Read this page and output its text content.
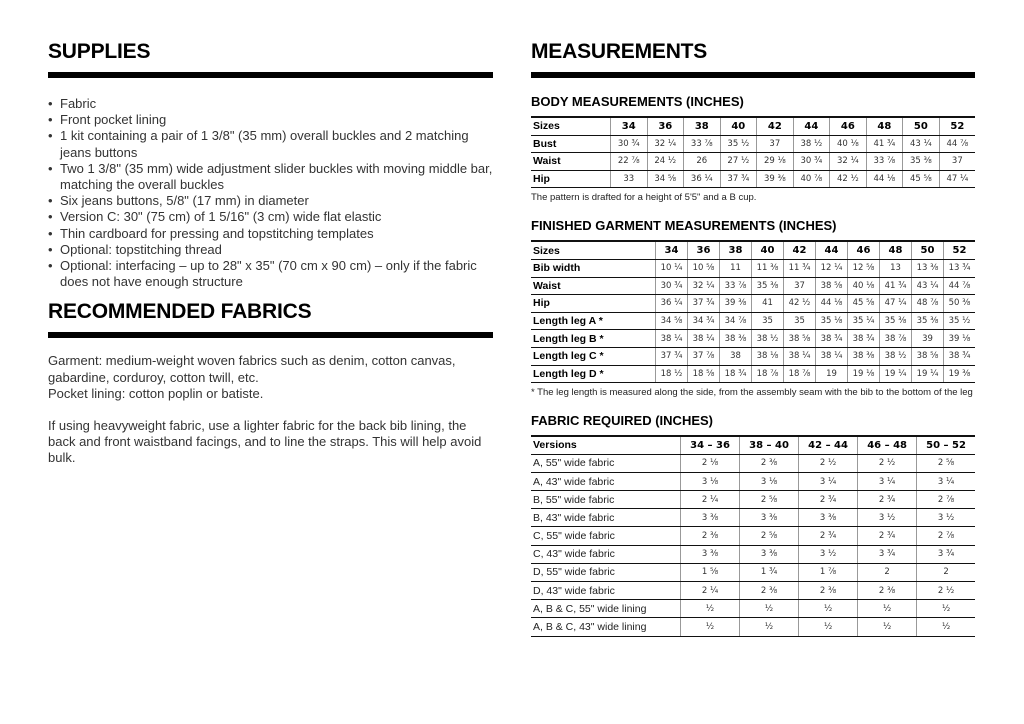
SUPPLIES
• Fabric
• Front pocket lining
• 1 kit containing a pair of 1 3/8" (35 mm) overall buckles and 2 matching jeans buttons
• Two 1 3/8" (35 mm) wide adjustment slider buckles with moving middle bar, matching the overall buckles
• Six jeans buttons, 5/8" (17 mm) in diameter
• Version C: 30" (75 cm) of 1 5/16" (3 cm) wide flat elastic
• Thin cardboard for pressing and topstitching templates
• Optional: topstitching thread
• Optional: interfacing – up to 28" x 35" (70 cm x 90 cm) – only if the fabric does not have enough structure
RECOMMENDED FABRICS

Garment: medium-weight woven fabrics such as denim, cotton canvas, gabardine, corduroy, cotton twill, etc.

Pocket lining: cotton poplin or batiste.

If using heavyweight fabric, use a lighter fabric for the back bib lining, the back and front waistband facings, and to line the straps. This will help avoid bulk.

MEASUREMENTS
BODY MEASUREMENTS (INCHES)
Sizes	34	36	38	40	42	44	46	48	50	52
Bust	30 ¾	32 ¼	33 ⅞	35 ½	37	38 ½	40 ⅛	41 ¾	43 ¼	44 ⅞
Waist	22 ⅞	24 ½	26	27 ½	29 ⅛	30 ¾	32 ¼	33 ⅞	35 ⅜	37
Hip	33	34 ⅝	36 ¼	37 ¾	39 ⅜	40 ⅞	42 ½	44 ⅛	45 ⅝	47 ¼

The pattern is drafted for a height of 5'5" and a B cup.

FINISHED GARMENT MEASUREMENTS (INCHES)
Sizes	34	36	38	40	42	44	46	48	50	52
Bib width	10 ¼	10 ⅝	11	11 ⅜	11 ¾	12 ¼	12 ⅝	13	13 ⅜	13 ¾
Waist	30 ¾	32 ¼	33 ⅞	35 ⅜	37	38 ⅝	40 ⅛	41 ¾	43 ¼	44 ⅞
Hip	36 ¼	37 ¾	39 ⅜	41	42 ½	44 ⅛	45 ⅝	47 ¼	48 ⅞	50 ⅜
Length leg A *	34 ⅝	34 ¾	34 ⅞	35	35	35 ⅛	35 ¼	35 ⅜	35 ⅜	35 ½
Length leg B *	38 ¼	38 ¼	38 ⅜	38 ½	38 ⅝	38 ¾	38 ¾	38 ⅞	39	39 ⅛
Length leg C *	37 ¾	37 ⅞	38	38 ⅛	38 ¼	38 ¼	38 ⅜	38 ½	38 ⅝	38 ¾
Length leg D *	18 ½	18 ⅝	18 ¾	18 ⅞	18 ⅞	19	19 ⅛	19 ¼	19 ¼	19 ⅜

* The leg length is measured along the side, from the assembly seam with the bib to the bottom of the leg

FABRIC REQUIRED (INCHES)
Versions	34 – 36	38 – 40	42 – 44	46 – 48	50 – 52
A, 55" wide fabric	2 ⅛	2 ⅜	2 ½	2 ½	2 ⅝
A, 43" wide fabric	3 ⅛	3 ⅛	3 ¼	3 ¼	3 ¼
B, 55" wide fabric	2 ¼	2 ⅝	2 ¾	2 ¾	2 ⅞
B, 43" wide fabric	3 ⅜	3 ⅜	3 ⅜	3 ½	3 ½
C, 55" wide fabric	2 ⅜	2 ⅝	2 ¾	2 ¾	2 ⅞
C, 43" wide fabric	3 ⅜	3 ⅜	3 ½	3 ¾	3 ¾
D, 55" wide fabric	1 ⅝	1 ¾	1 ⅞	2	2
D, 43" wide fabric	2 ¼	2 ⅜	2 ⅜	2 ⅜	2 ½
A, B & C, 55" wide lining	½	½	½	½	½
A, B & C, 43" wide lining	½	½	½	½	½
